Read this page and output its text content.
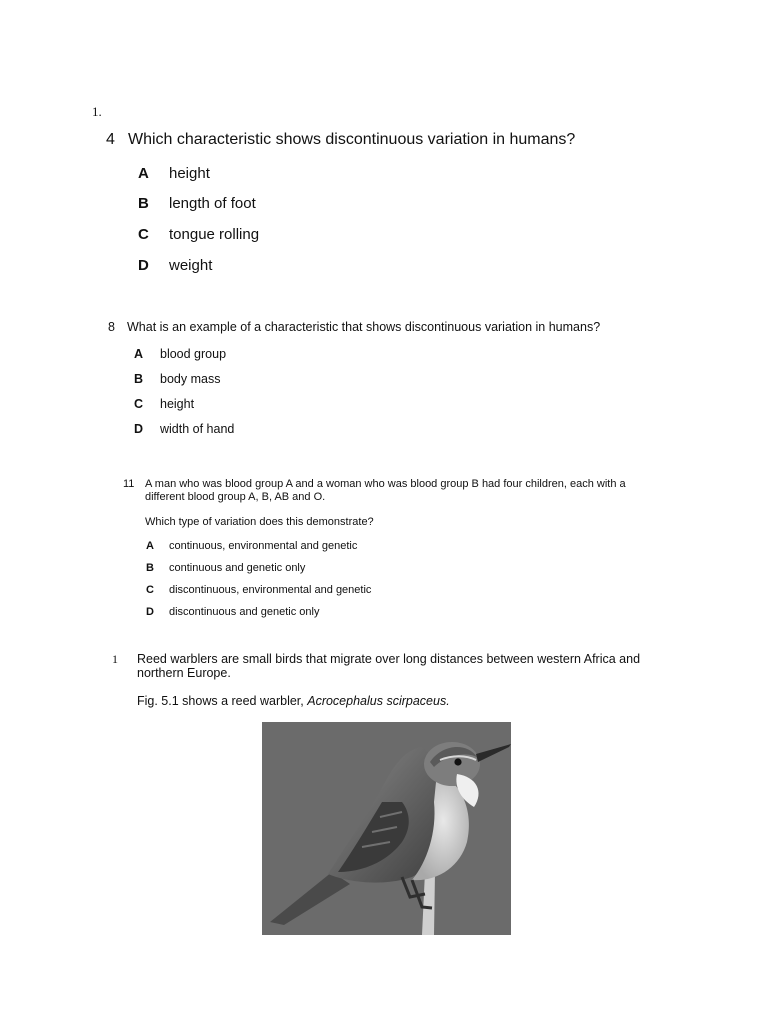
1.
4 Which characteristic shows discontinuous variation in humans?
A height
B length of foot
C tongue rolling
D weight
8 What is an example of a characteristic that shows discontinuous variation in humans?
A blood group
B body mass
C height
D width of hand
11 A man who was blood group A and a woman who was blood group B had four children, each with a different blood group A, B, AB and O.
Which type of variation does this demonstrate?
A continuous, environmental and genetic
B continuous and genetic only
C discontinuous, environmental and genetic
D discontinuous and genetic only
1 Reed warblers are small birds that migrate over long distances between western Africa and northern Europe.
Fig. 5.1 shows a reed warbler, Acrocephalus scirpaceus.
